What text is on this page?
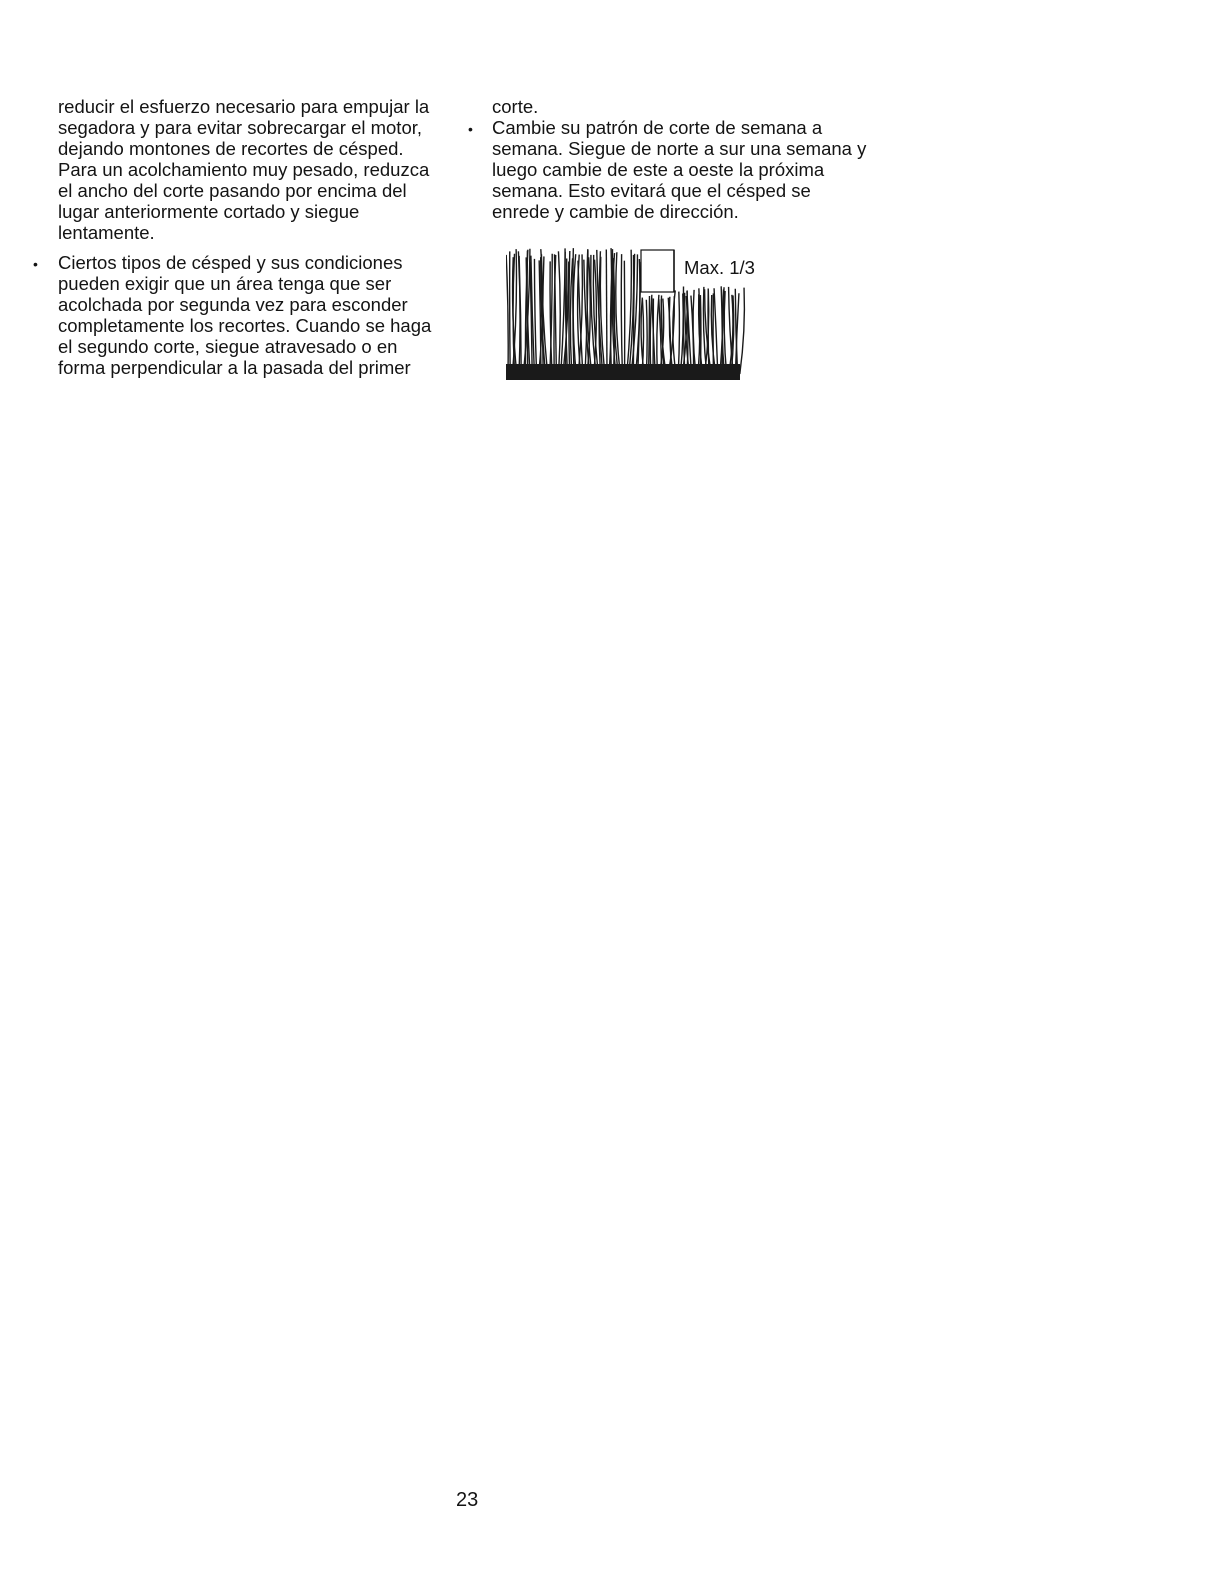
reducir el esfuerzo necesario para empujar la
segadora y para evitar sobrecargar el motor,
dejando montones de recortes de césped.
Para un acolchamiento muy pesado, reduzca
el ancho del corte pasando por encima del
lugar anteriormente cortado y siegue
lentamente.
• Ciertos tipos de césped y sus condiciones
pueden exigir que un área tenga que ser
acolchada por segunda vez para esconder
completamente los recortes. Cuando se haga
el segundo corte, siegue atravesado o en
forma perpendicular a la pasada del primer
corte.
• Cambie su patrón de corte de semana a
semana. Siegue de norte a sur una semana y
luego cambie de este a oeste la próxima
semana. Esto evitará que el césped se
enrede y cambie de dirección.
Max. 1/3
23
